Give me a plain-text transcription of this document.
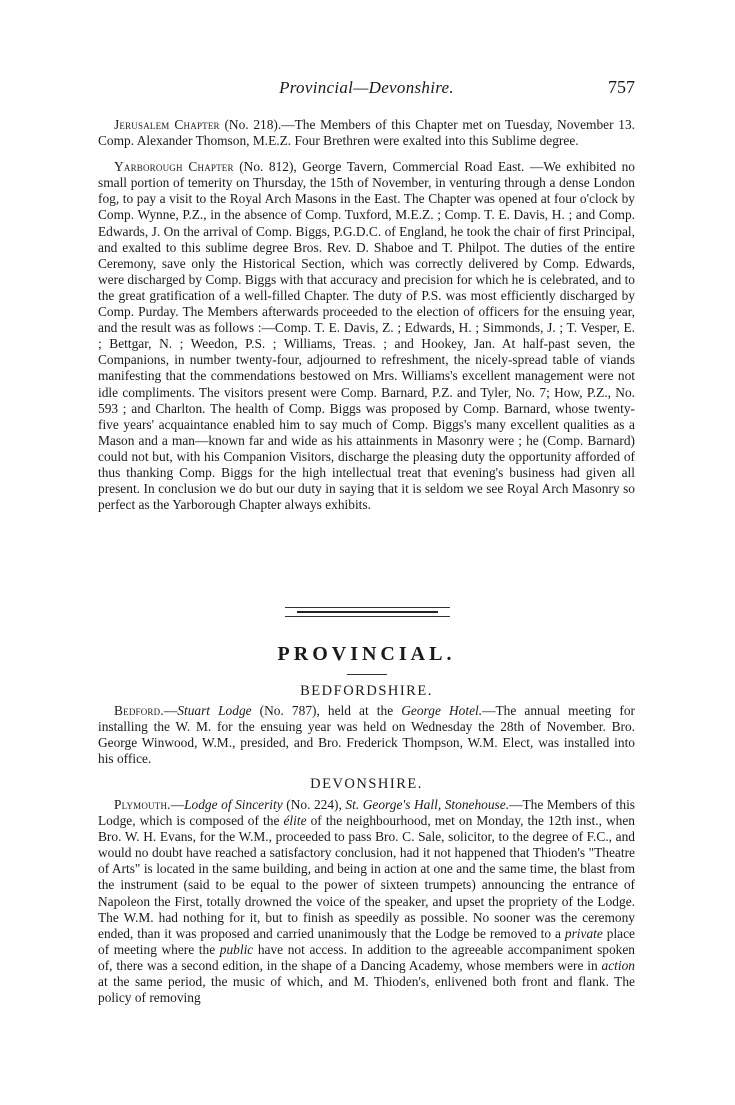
Provincial—Devonshire.	757

Jerusalem Chapter (No. 218).—The Members of this Chapter met on Tuesday, November 13. Comp. Alexander Thomson, M.E.Z. Four Brethren were exalted into this Sublime degree.

Yarborough Chapter (No. 812), George Tavern, Commercial Road East. —We exhibited no small portion of temerity on Thursday, the 15th of November, in venturing through a dense London fog, to pay a visit to the Royal Arch Masons in the East. The Chapter was opened at four o'clock by Comp. Wynne, P.Z., in the absence of Comp. Tuxford, M.E.Z. ; Comp. T. E. Davis, H. ; and Comp. Edwards, J. On the arrival of Comp. Biggs, P.G.D.C. of England, he took the chair of first Principal, and exalted to this sublime degree Bros. Rev. D. Shaboe and T. Philpot. The duties of the entire Ceremony, save only the Historical Section, which was correctly delivered by Comp. Edwards, were discharged by Comp. Biggs with that accuracy and precision for which he is celebrated, and to the great gratification of a well-filled Chapter. The duty of P.S. was most efficiently discharged by Comp. Purday. The Members afterwards proceeded to the election of officers for the ensuing year, and the result was as follows :—Comp. T. E. Davis, Z. ; Edwards, H. ; Simmonds, J. ; T. Vesper, E. ; Bettgar, N. ; Weedon, P.S. ; Williams, Treas. ; and Hookey, Jan. At half-past seven, the Companions, in number twenty-four, adjourned to refreshment, the nicely-spread table of viands manifesting that the commendations bestowed on Mrs. Williams's excellent management were not idle compliments. The visitors present were Comp. Barnard, P.Z. and Tyler, No. 7; How, P.Z., No. 593 ; and Charlton. The health of Comp. Biggs was proposed by Comp. Barnard, whose twenty-five years' acquaintance enabled him to say much of Comp. Biggs's many excellent qualities as a Mason and a man—known far and wide as his attainments in Masonry were ; he (Comp. Barnard) could not but, with his Companion Visitors, discharge the pleasing duty the opportunity afforded of thus thanking Comp. Biggs for the high intellectual treat that evening's business had given all present. In conclusion we do but our duty in saying that it is seldom we see Royal Arch Masonry so perfect as the Yarborough Chapter always exhibits.

PROVINCIAL.
BEDFORDSHIRE.

Bedford.—Stuart Lodge (No. 787), held at the George Hotel.—The annual meeting for installing the W. M. for the ensuing year was held on Wednesday the 28th of November. Bro. George Winwood, W.M., presided, and Bro. Frederick Thompson, W.M. Elect, was installed into his office.

DEVONSHIRE.

Plymouth.—Lodge of Sincerity (No. 224), St. George's Hall, Stonehouse.—The Members of this Lodge, which is composed of the élite of the neighbourhood, met on Monday, the 12th inst., when Bro. W. H. Evans, for the W.M., proceeded to pass Bro. C. Sale, solicitor, to the degree of F.C., and would no doubt have reached a satisfactory conclusion, had it not happened that Thioden's "Theatre of Arts" is located in the same building, and being in action at one and the same time, the blast from the instrument (said to be equal to the power of sixteen trumpets) announcing the entrance of Napoleon the First, totally drowned the voice of the speaker, and upset the propriety of the Lodge. The W.M. had nothing for it, but to finish as speedily as possible. No sooner was the ceremony ended, than it was proposed and carried unanimously that the Lodge be removed to a private place of meeting where the public have not access. In addition to the agreeable accompaniment spoken of, there was a second edition, in the shape of a Dancing Academy, whose members were in action at the same period, the music of which, and M. Thioden's, enlivened both front and flank. The policy of removing
